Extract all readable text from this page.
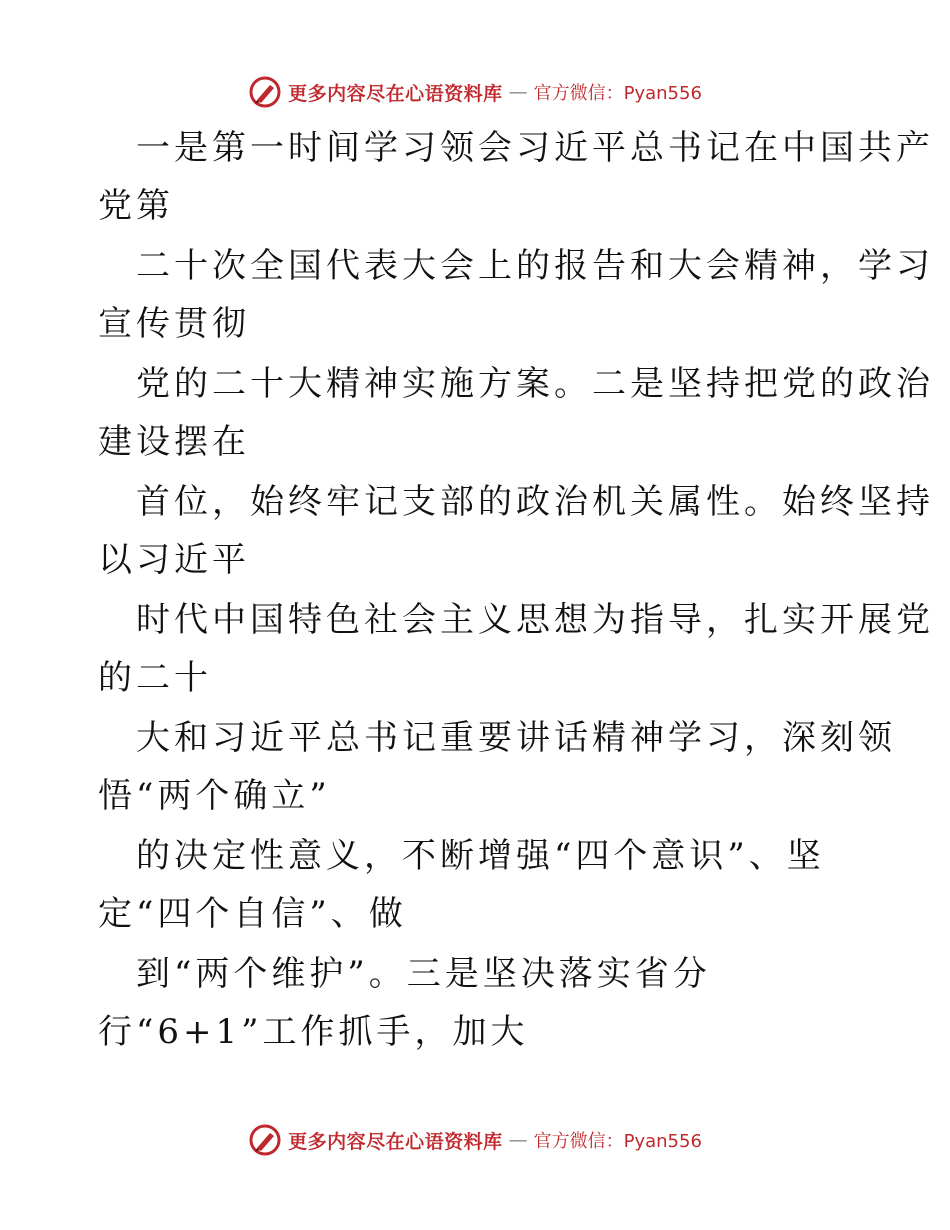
更多内容尽在心语资料库 — 官方微信：Pyan556
一是第一时间学习领会习近平总书记在中国共产
党第
二十次全国代表大会上的报告和大会精神，学习
宣传贯彻
党的二十大精神实施方案。二是坚持把党的政治
建设摆在
首位，始终牢记支部的政治机关属性。始终坚持
以习近平
时代中国特色社会主义思想为指导，扎实开展党
的二十
大和习近平总书记重要讲话精神学习，深刻领
悟“两个确立”
的决定性意义，不断增强“四个意识”、坚
定“四个自信”、做
到“两个维护”。三是坚决落实省分
行“6+1”工作抓手，加大
更多内容尽在心语资料库 — 官方微信：Pyan556
